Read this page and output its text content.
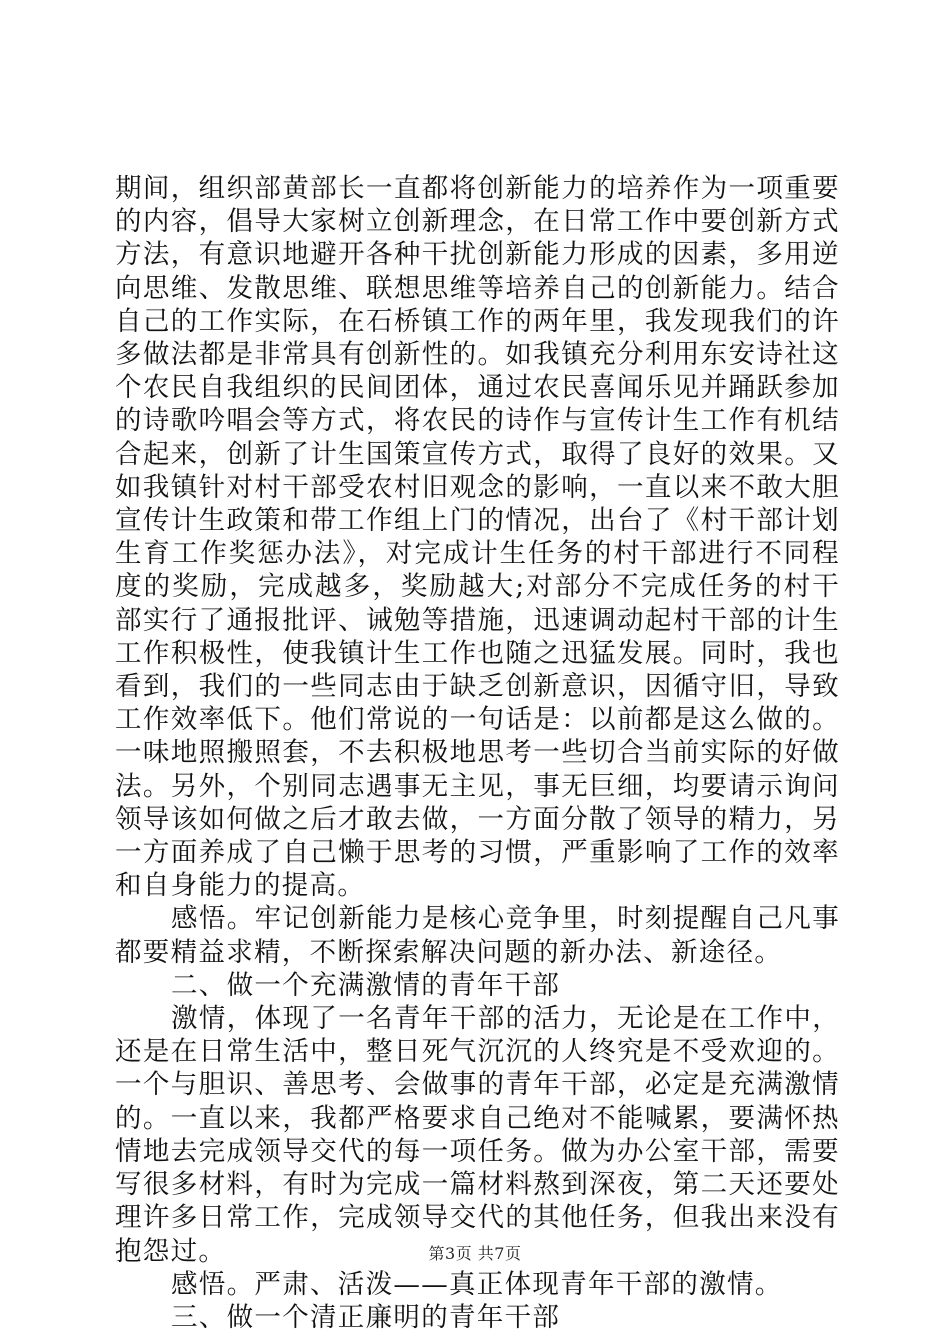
期间，组织部黄部长一直都将创新能力的培养作为一项重要的内容，倡导大家树立创新理念，在日常工作中要创新方式方法，有意识地避开各种干扰创新能力形成的因素，多用逆向思维、发散思维、联想思维等培养自己的创新能力。结合自己的工作实际，在石桥镇工作的两年里，我发现我们的许多做法都是非常具有创新性的。如我镇充分利用东安诗社这个农民自我组织的民间团体，通过农民喜闻乐见并踊跃参加的诗歌吟唱会等方式，将农民的诗作与宣传计生工作有机结合起来，创新了计生国策宣传方式，取得了良好的效果。又如我镇针对村干部受农村旧观念的影响，一直以来不敢大胆宣传计生政策和带工作组上门的情况，出台了《村干部计划生育工作奖惩办法》，对完成计生任务的村干部进行不同程度的奖励，完成越多，奖励越大;对部分不完成任务的村干部实行了通报批评、诫勉等措施，迅速调动起村干部的计生工作积极性，使我镇计生工作也随之迅猛发展。同时，我也看到，我们的一些同志由于缺乏创新意识，因循守旧，导致工作效率低下。他们常说的一句话是：以前都是这么做的。一味地照搬照套，不去积极地思考一些切合当前实际的好做法。另外，个别同志遇事无主见，事无巨细，均要请示询问领导该如何做之后才敢去做，一方面分散了领导的精力，另一方面养成了自己懒于思考的习惯，严重影响了工作的效率和自身能力的提高。

感悟。牢记创新能力是核心竞争里，时刻提醒自己凡事都要精益求精，不断探索解决问题的新办法、新途径。

二、做一个充满激情的青年干部

激情，体现了一名青年干部的活力，无论是在工作中，还是在日常生活中，整日死气沉沉的人终究是不受欢迎的。一个与胆识、善思考、会做事的青年干部，必定是充满激情的。一直以来，我都严格要求自己绝对不能喊累，要满怀热情地去完成领导交代的每一项任务。做为办公室干部，需要写很多材料，有时为完成一篇材料熬到深夜，第二天还要处理许多日常工作，完成领导交代的其他任务，但我出来没有抱怨过。

感悟。严肃、活泼——真正体现青年干部的激情。

三、做一个清正廉明的青年干部

第3页 共7页
